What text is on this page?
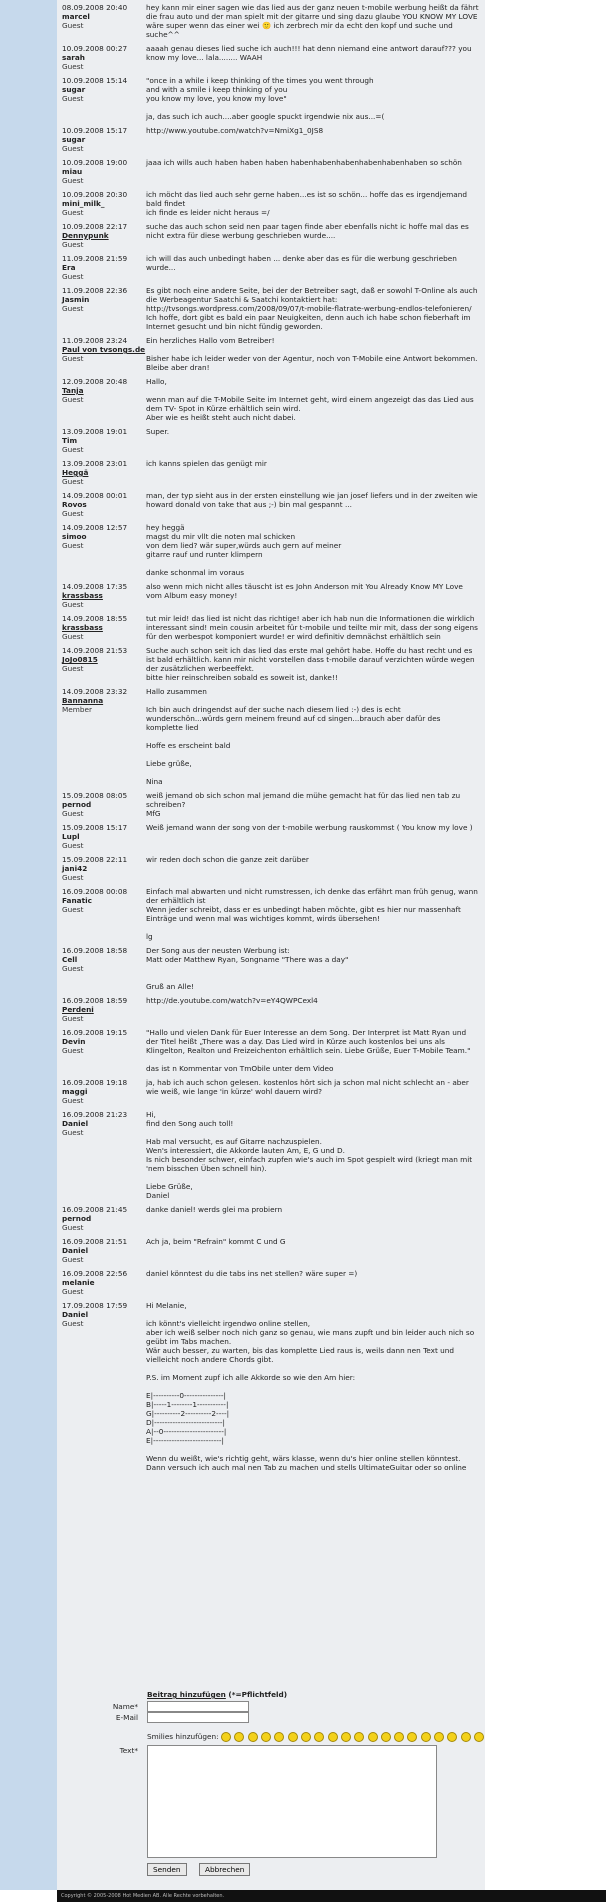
08.09.2008 20:40
marcel
Guest
hey kann mir einer sagen wie das lied aus der ganz neuen t-mobile werbung heißt da fährt die frau auto und der man spielt mit der gitarre und sing dazu glaube YOU KNOW MY LOVE wäre super wenn das einer wei 🙂 ich zerbrech mir da echt den kopf und suche und suche^^
10.09.2008 00:27
sarah
Guest
aaaah genau dieses lied suche ich auch!!! hat denn niemand eine antwort darauf??? you know my love... lala........ WAAH
10.09.2008 15:14
sugar
Guest
"once in a while i keep thinking of the times you went through
and with a smile i keep thinking of you
you know my love, you know my love"

ja, das such ich auch....aber google spuckt irgendwie nix aus...=(
10.09.2008 15:17
sugar
Guest
http://www.youtube.com/watch?v=NmiXg1_0JS8
10.09.2008 19:00
miau
Guest
jaaa ich wills auch haben haben haben habenhabenhabenhabenhabenhaben so schön
10.09.2008 20:30
mini_milk_
Guest
ich möcht das lied auch sehr gerne haben...es ist so schön... hoffe das es irgendjemand bald findet
ich finde es leider nicht heraus =/
10.09.2008 22:17
Dennypunk
Guest
suche das auch schon seid nen paar tagen finde aber ebenfalls nicht ic hoffe mal das es nicht extra für diese werbung geschrieben wurde....
11.09.2008 21:59
Era
Guest
ich will das auch unbedingt haben ... denke aber das es für die werbung geschrieben wurde...
11.09.2008 22:36
Jasmin
Guest
Es gibt noch eine andere Seite, bei der der Betreiber sagt, daß er sowohl T-Online als auch die Werbeagentur Saatchi & Saatchi kontaktiert hat: http://tvsongs.wordpress.com/2008/09/07/t-mobile-flatrate-werbung-endlos-telefonieren/
Ich hoffe, dort gibt es bald ein paar Neuigkeiten, denn auch ich habe schon fieberhaft im Internet gesucht und bin nicht fündig geworden.
11.09.2008 23:24
Paul von tvsongs.de
Guest
Ein herzliches Hallo vom Betreiber!

Bisher habe ich leider weder von der Agentur, noch von T-Mobile eine Antwort bekommen. Bleibe aber dran!
12.09.2008 20:48
Tanja
Guest
Hallo,

wenn man auf die T-Mobile Seite im Internet geht, wird einem angezeigt das das Lied aus dem TV- Spot in Kürze erhältlich sein wird.
Aber wie es heißt steht auch nicht dabei.
13.09.2008 19:01
Tim
Guest
Super.
13.09.2008 23:01
Heggä
Guest
ich kanns spielen das genügt mir
14.09.2008 00:01
Rovos
Guest
man, der typ sieht aus in der ersten einstellung wie jan josef liefers und in der zweiten wie howard donald von take that aus ;-) bin mal gespannt ...
14.09.2008 12:57
simoo
Guest
hey heggä
magst du mir vllt die noten mal schicken
von dem lied? wär super,würds auch gern auf meiner
gitarre rauf und runter klimpern

danke schonmal im voraus
14.09.2008 17:35
krassbass
Guest
also wenn mich nicht alles täuscht ist es John Anderson mit You Already Know MY Love vom Album easy money!
14.09.2008 18:55
krassbass
Guest
tut mir leid! das lied ist nicht das richtige! aber ich hab nun die Informationen die wirklich interessant sind! mein cousin arbeitet für t-mobile und teilte mir mit, dass der song eigens für den werbespot komponiert wurde! er wird definitiv demnächst erhältlich sein
14.09.2008 21:53
JoJo0815
Guest
Suche auch schon seit ich das lied das erste mal gehört habe. Hoffe du hast recht und es ist bald erhältlich. kann mir nicht vorstellen dass t-mobile darauf verzichten würde wegen der zusätzlichen werbeeffekt.
bitte hier reinschreiben sobald es soweit ist, danke!!
14.09.2008 23:32
Bannanna
Member
Hallo zusammen

Ich bin auch dringendst auf der suche nach diesem lied :-) des is echt wunderschön...würds gern meinem freund auf cd singen...brauch aber dafür des komplette lied

Hoffe es erscheint bald

Liebe grüße,

Nina
15.09.2008 08:05
pernod
Guest
weiß jemand ob sich schon mal jemand die mühe gemacht hat für das lied nen tab zu schreiben?
MfG
15.09.2008 15:17
Lupl
Guest
Weiß jemand wann der song von der t-mobile werbung rauskommst ( You know my love )
15.09.2008 22:11
jani42
Guest
wir reden doch schon die ganze zeit darüber
16.09.2008 00:08
Fanatic
Guest
Einfach mal abwarten und nicht rumstressen, ich denke das erfährt man früh genug, wann der erhältlich ist
Wenn jeder schreibt, dass er es unbedingt haben möchte, gibt es hier nur massenhaft Einträge und wenn mal was wichtiges kommt, wirds übersehen!

lg
16.09.2008 18:58
Cell
Guest
Der Song aus der neusten Werbung ist:
Matt oder Matthew Ryan, Songname "There was a day"

Gruß an Alle!
16.09.2008 18:59
Perdeni
Guest
http://de.youtube.com/watch?v=eY4QWPCexl4
16.09.2008 19:15
Devin
Guest
"Hallo und vielen Dank für Euer Interesse an dem Song. Der Interpret ist Matt Ryan und der Titel heißt „There was a day. Das Lied wird in Kürze auch kostenlos bei uns als Klingelton, Realton und Freizeichenton erhältlich sein. Liebe Grüße, Euer T-Mobile Team."

das ist n Kommentar von TmObile unter dem Video
16.09.2008 19:18
maggi
Guest
ja, hab ich auch schon gelesen. kostenlos hört sich ja schon mal nicht schlecht an - aber wie weiß, wie lange 'in kürze' wohl dauern wird?
16.09.2008 21:23
Daniel
Guest
Hi,
find den Song auch toll!

Hab mal versucht, es auf Gitarre nachzuspielen.
Wen's interessiert, die Akkorde lauten Am, E, G und D.
Is nich besonder schwer, einfach zupfen wie's auch im Spot gespielt wird (kriegt man mit 'nem bisschen Üben schnell hin).

Liebe Grüße,
Daniel
16.09.2008 21:45
pernod
Guest
danke daniel! werds glei ma probiern
16.09.2008 21:51
Daniel
Guest
Ach ja, beim "Refrain" kommt C und G
16.09.2008 22:56
melanie
Guest
daniel könntest du die tabs ins net stellen? wäre super =)
17.09.2008 17:59
Daniel
Guest
Hi Melanie,

ich könnt's vielleicht irgendwo online stellen,
aber ich weiß selber noch nich ganz so genau, wie mans zupft und bin leider auch nich so geübt im Tabs machen.
Wär auch besser, zu warten, bis das komplette Lied raus is, weils dann nen Text und vielleicht noch andere Chords gibt.

P.S. im Moment zupf ich alle Akkorde so wie den Am hier:

E|----------0---------------|
B|-----1--------1-----------|
G|----------2----------2----|
D|--------------------------|
A|--0-----------------------|
E|--------------------------|

Wenn du weißt, wie's richtig geht, wärs klasse, wenn du's hier online stellen könntest. Dann versuch ich auch mal nen Tab zu machen und stells UltimateGuitar oder so online
Beitrag hinzufügen (*=Pflichtfeld)
Name*
E-Mail
Smilies hinzufügen:
Text*
Senden	Abbrechen
Copyright © 2005-2008 Hot Medien AB. Alle Rechte vorbehalten.
